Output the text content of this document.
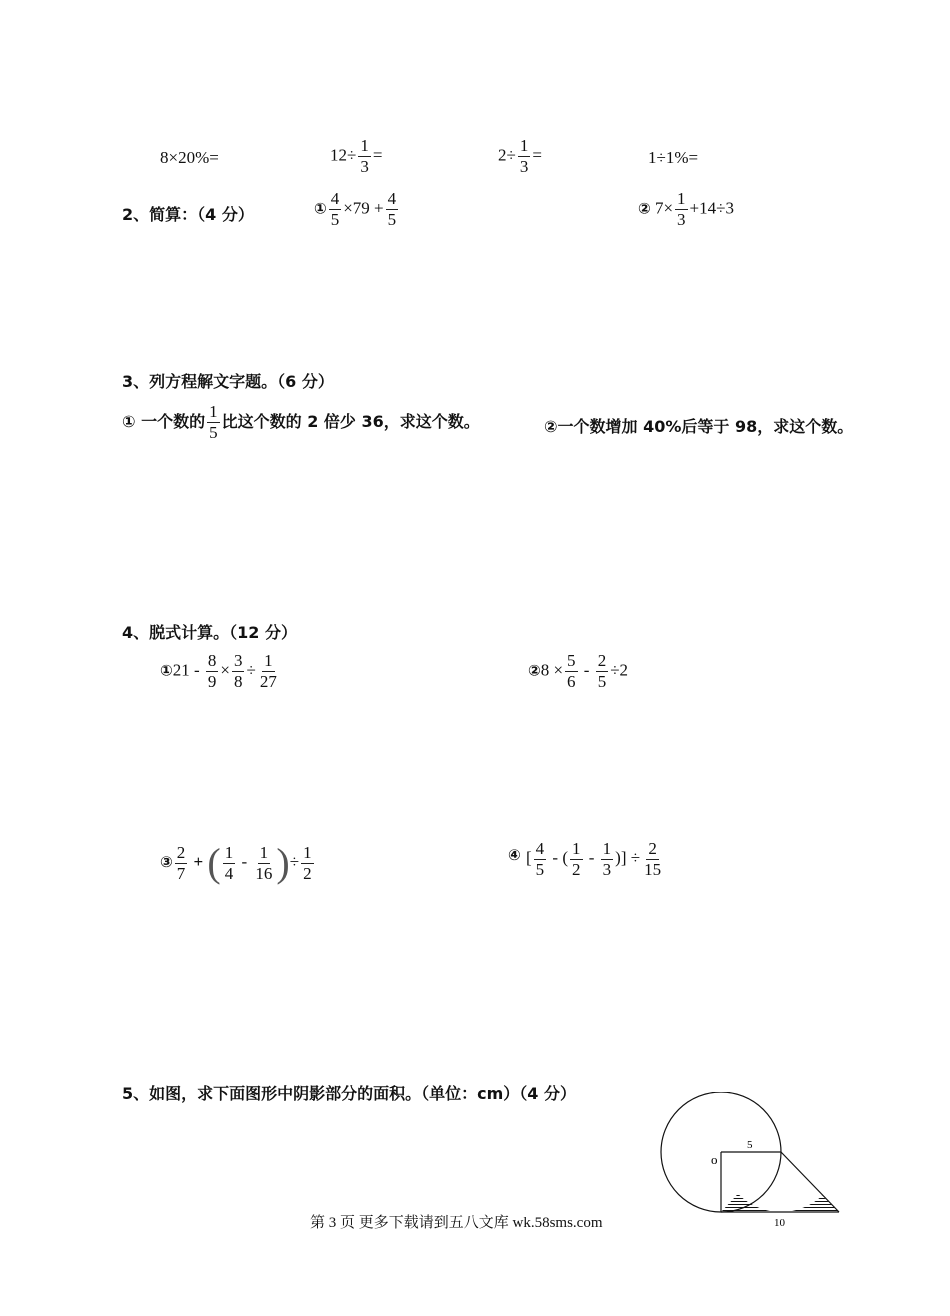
8×20%=	$12\div \frac{1}{3}$ =	$2\div \frac{1}{3}$ =	1÷1%=
2、简算：（4 分）	① $\frac{4}{5} \times 79 + \frac{4}{5}$	② $7\times \frac{1}{3} +14\div 3$
3、列方程解文字题。（6 分）
① 一个数的 $\frac{1}{5}$ 比这个数的 2 倍少 36，求这个数。	②一个数增加 40%后等于 98，求这个数。
4、脱式计算。（12 分）
①21 - $\frac{8}{9} \times \frac{3}{8} \div \frac{1}{27}$	②8 × $\frac{5}{6} - \frac{2}{5} \div 2$
③ $\frac{2}{7}$ + ( $\frac{1}{4} - \frac{1}{16}$ )÷ $\frac{1}{2}$	④ [ $\frac{4}{5}$ - ( $\frac{1}{2} - \frac{1}{3}$ )] ÷ $\frac{2}{15}$
5、如图，求下面图形中阴影部分的面积。（单位：cm）（4 分）
5
o
10
第 3 页 更多下载请到五八文库 wk.58sms.com
